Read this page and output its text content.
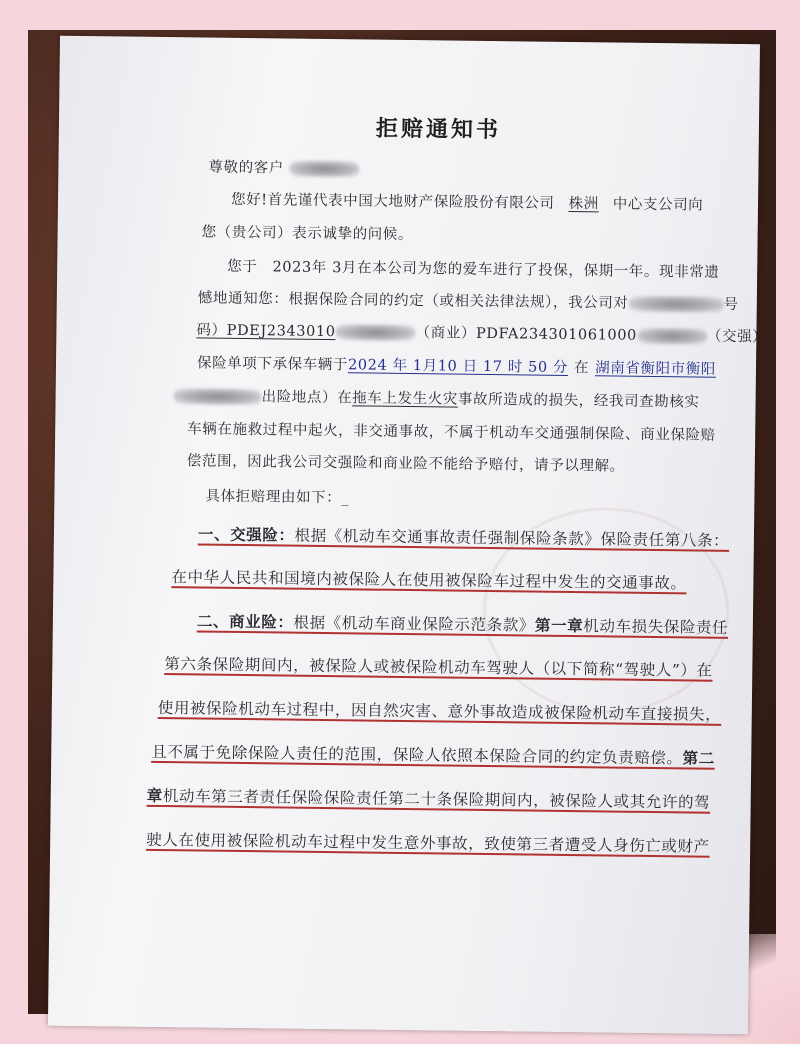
拒赔通知书
尊敬的客户
您好!首先谨代表中国大地财产保险股份有限公司 株洲 中心支公司向
您（贵公司）表示诚挚的问候。
您于　2023年 3月在本公司为您的爱车进行了投保，保期一年。现非常遗
憾地通知您：根据保险合同的约定（或相关法律法规），我公司对	号
码）PDEJ2343010	（商业）PDFA234301061000	（交强），
保险单项下承保车辆于2024 年 1月10 日 17 时 50 分 在 湖南省衡阳市衡阳
出险地点）在拖车上发生火灾事故所造成的损失，经我司查勘核实
车辆在施救过程中起火，非交通事故，不属于机动车交通强制保险、商业保险赔
偿范围，因此我公司交强险和商业险不能给予赔付，请予以理解。
具体拒赔理由如下：_
一、交强险：根据《机动车交通事故责任强制保险条款》保险责任第八条：
在中华人民共和国境内被保险人在使用被保险车过程中发生的交通事故。
二、商业险：根据《机动车商业保险示范条款》第一章机动车损失保险责任
第六条保险期间内，被保险人或被保险机动车驾驶人（以下简称“驾驶人”）在
使用被保险机动车过程中，因自然灾害、意外事故造成被保险机动车直接损失，
且不属于免除保险人责任的范围，保险人依照本保险合同的约定负责赔偿。第二
章机动车第三者责任保险保险责任第二十条保险期间内，被保险人或其允许的驾
驶人在使用被保险机动车过程中发生意外事故，致使第三者遭受人身伤亡或财产
